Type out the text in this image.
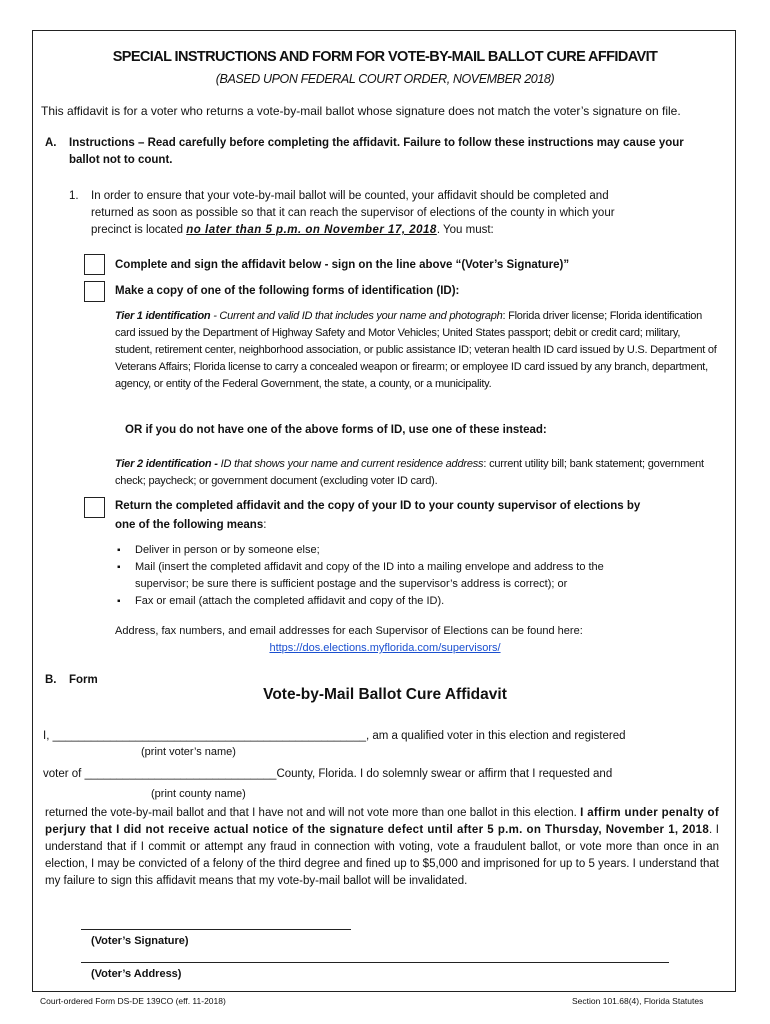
SPECIAL INSTRUCTIONS AND FORM FOR VOTE-BY-MAIL BALLOT CURE AFFIDAVIT
(BASED UPON FEDERAL COURT ORDER, NOVEMBER 2018)
This affidavit is for a voter who returns a vote-by-mail ballot whose signature does not match the voter’s signature on file.
A. Instructions – Read carefully before completing the affidavit. Failure to follow these instructions may cause your
ballot not to count.
1. In order to ensure that your vote-by-mail ballot will be counted, your affidavit should be completed and
returned as soon as possible so that it can reach the supervisor of elections of the county in which your
precinct is located no later than 5 p.m. on November 17, 2018. You must:
Complete and sign the affidavit below - sign on the line above “(Voter’s Signature)”
Make a copy of one of the following forms of identification (ID):
Tier 1 identification - Current and valid ID that includes your name and photograph: Florida driver license; Florida identification card issued by the Department of Highway Safety and Motor Vehicles; United States passport; debit or credit card; military, student, retirement center, neighborhood association, or public assistance ID; veteran health ID card issued by U.S. Department of Veterans Affairs; Florida license to carry a concealed weapon or firearm; or employee ID card issued by any branch, department, agency, or entity of the Federal Government, the state, a county, or a municipality.
OR if you do not have one of the above forms of ID, use one of these instead:
Tier 2 identification - ID that shows your name and current residence address: current utility bill; bank statement; government check; paycheck; or government document (excluding voter ID card).
Return the completed affidavit and the copy of your ID to your county supervisor of elections by
one of the following means:
▪ Deliver in person or by someone else;
▪ Mail (insert the completed affidavit and copy of the ID into a mailing envelope and address to the supervisor; be sure there is sufficient postage and the supervisor’s address is correct); or
▪ Fax or email (attach the completed affidavit and copy of the ID).
Address, fax numbers, and email addresses for each Supervisor of Elections can be found here:
https://dos.elections.myflorida.com/supervisors/
B. Form
Vote-by-Mail Ballot Cure Affidavit
I, _________________________________________________, am a qualified voter in this election and registered
(print voter’s name)
voter of ______________________________County, Florida. I do solemnly swear or affirm that I requested and
(print county name)
returned the vote-by-mail ballot and that I have not and will not vote more than one ballot in this election. I affirm under penalty of perjury that I did not receive actual notice of the signature defect until after 5 p.m. on Thursday, November 1, 2018. I understand that if I commit or attempt any fraud in connection with voting, vote a fraudulent ballot, or vote more than once in an election, I may be convicted of a felony of the third degree and fined up to $5,000 and imprisoned for up to 5 years. I understand that my failure to sign this affidavit means that my vote-by-mail ballot will be invalidated.
(Voter’s Signature)
(Voter’s Address)
Court-ordered Form DS-DE 139CO (eff. 11-2018)	Section 101.68(4), Florida Statutes
